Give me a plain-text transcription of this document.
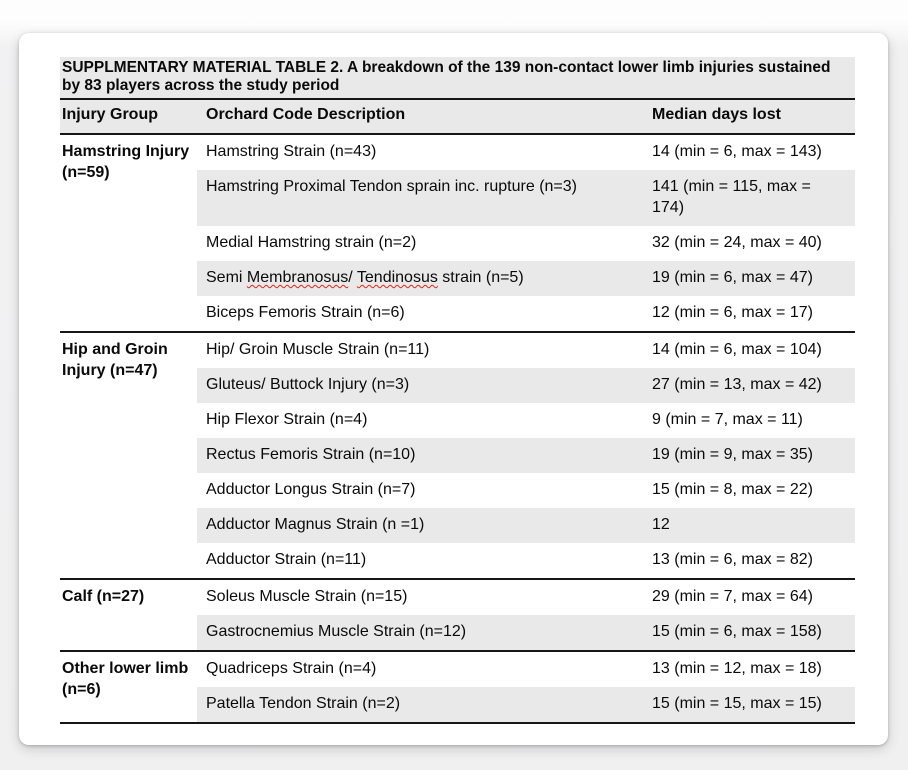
SUPPLMENTARY MATERIAL TABLE 2. A breakdown of the 139 non-contact lower limb injuries sustained by 83 players across the study period		
Injury Group	Orchard Code Description	Median days lost
Hamstring Injury (n=59)	Hamstring Strain (n=43)	14 (min = 6, max = 143)
	Hamstring Proximal Tendon sprain inc. rupture (n=3)	141 (min = 115, max = 174)
	Medial Hamstring strain (n=2)	32 (min = 24, max = 40)
	Semi Membranosus/ Tendinosus strain (n=5)	19 (min = 6, max = 47)
	Biceps Femoris Strain (n=6)	12 (min = 6, max = 17)
Hip and Groin Injury (n=47)	Hip/ Groin Muscle Strain (n=11)	14 (min = 6, max = 104)
	Gluteus/ Buttock Injury (n=3)	27 (min = 13, max = 42)
	Hip Flexor Strain (n=4)	9 (min = 7, max = 11)
	Rectus Femoris Strain (n=10)	19 (min = 9, max = 35)
	Adductor Longus Strain (n=7)	15 (min = 8, max = 22)
	Adductor Magnus Strain (n =1)	12
	Adductor Strain (n=11)	13 (min = 6, max = 82)
Calf (n=27)	Soleus Muscle Strain (n=15)	29 (min = 7, max = 64)
	Gastrocnemius Muscle Strain (n=12)	15 (min = 6, max = 158)
Other lower limb (n=6)	Quadriceps Strain (n=4)	13 (min = 12, max = 18)
	Patella Tendon Strain (n=2)	15 (min = 15, max = 15)
